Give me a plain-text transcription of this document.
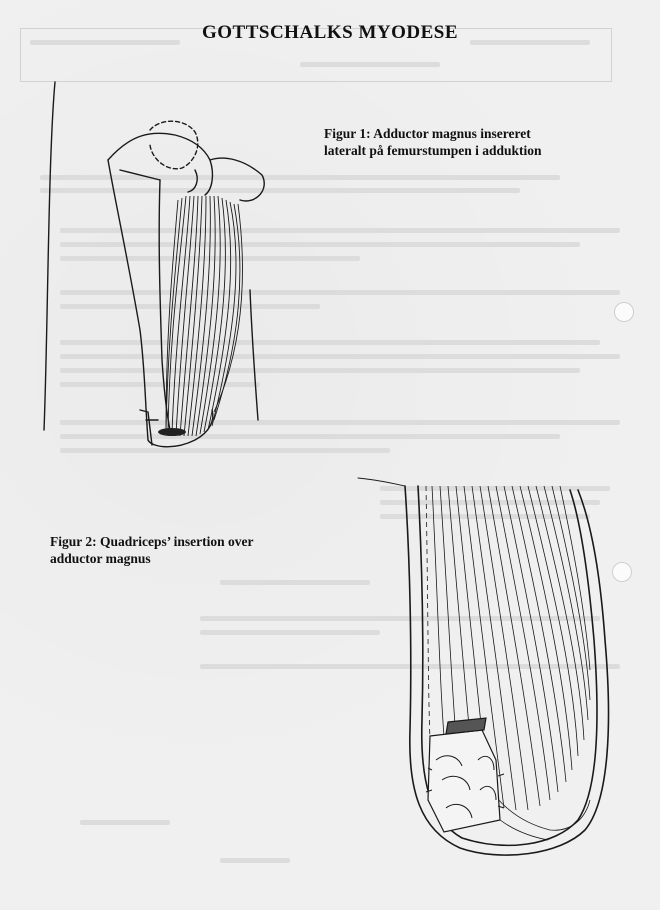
GOTTSCHALKS MYODESE
Figur 1: Adductor magnus insereret
lateralt på femurstumpen i adduktion
Figur 2: Quadriceps’ insertion over
adductor magnus
